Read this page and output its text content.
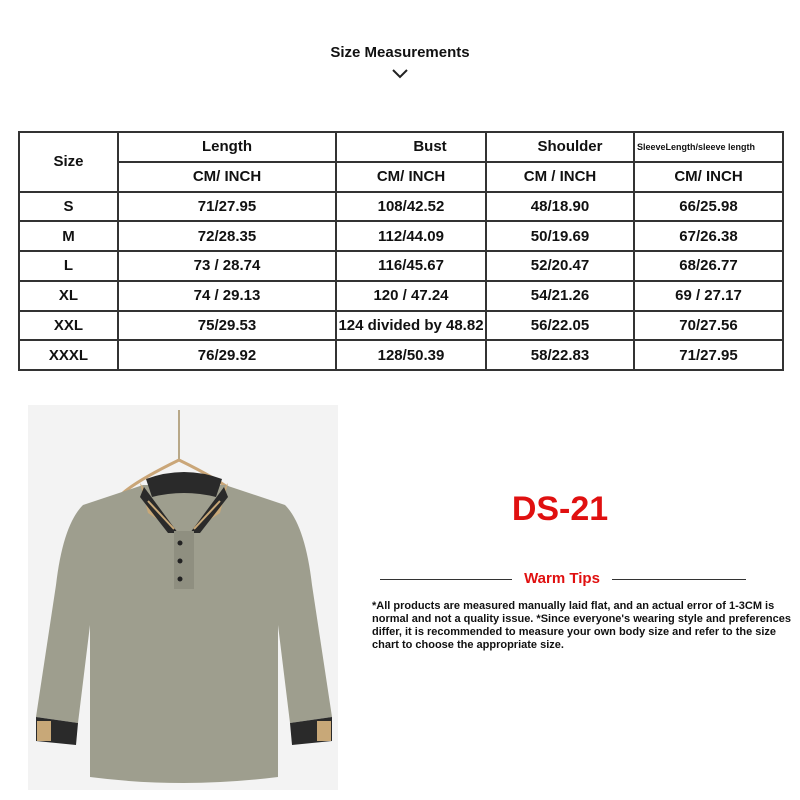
Size Measurements
Size	Length	Bust	Shoulder	SleeveLength/sleeve length
	CM/ INCH	CM/ INCH	CM / INCH	CM/ INCH
S	71/27.95	108/42.52	48/18.90	66/25.98
M	72/28.35	112/44.09	50/19.69	67/26.38
L	73 / 28.74	116/45.67	52/20.47	68/26.77
XL	74 / 29.13	120 / 47.24	54/21.26	69 / 27.17
XXL	75/29.53	124 divided by 48.82	56/22.05	70/27.56
XXXL	76/29.92	128/50.39	58/22.83	71/27.95
DS-21
Warm Tips
*All products are measured manually laid flat, and an actual error of 1-3CM is normal and not a quality issue. *Since everyone's wearing style and preferences differ, it is recommended to measure your own body size and refer to the size chart to choose the appropriate size.
